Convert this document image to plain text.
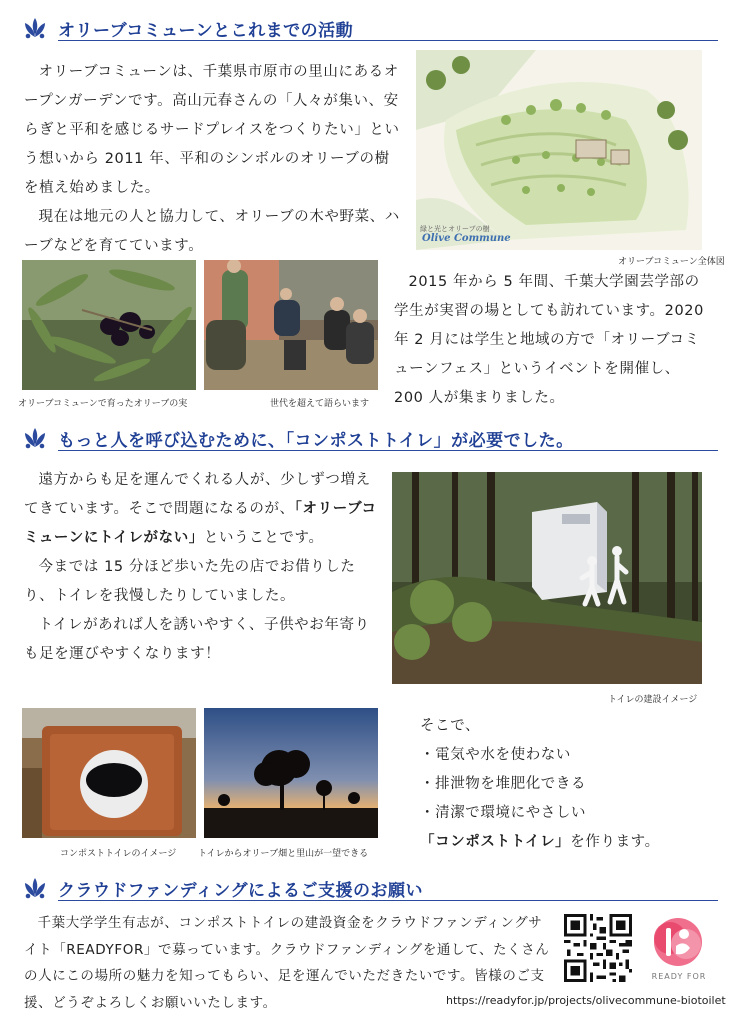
オリーブコミューンとこれまでの活動
オリーブコミューンは、千葉県市原市の里山にあるオープンガーデンです。高山元春さんの「人々が集い、安らぎと平和を感じるサードプレイスをつくりたい」という想いから 2011 年、平和のシンボルのオリーブの樹を植え始めました。
現在は地元の人と協力して、オリーブの木や野菜、ハーブなどを育てています。
緑と光とオリーブの樹
Olive Commune
オリーブコミューン全体図
オリーブコミューンで育ったオリーブの実	世代を超えて語らいます
2015 年から 5 年間、千葉大学園芸学部の学生が実習の場としても訪れています。2020 年 2 月には学生と地域の方で「オリーブコミューンフェス」というイベントを開催し、200 人が集まりました。
もっと人を呼び込むために、「コンポストトイレ」が必要でした。
遠方からも足を運んでくれる人が、少しずつ増えてきています。そこで問題になるのが、「オリーブコミューンにトイレがない」ということです。
今までは 15 分ほど歩いた先の店でお借りしたり、トイレを我慢したりしていました。
トイレがあれば人を誘いやすく、子供やお年寄りも足を運びやすくなります！
トイレの建設イメージ
コンポストトイレのイメージ トイレからオリーブ畑と里山が一望できる
そこで、
・電気や水を使わない
・排泄物を堆肥化できる
・清潔で環境にやさしい
「コンポストトイレ」を作ります。
クラウドファンディングによるご支援のお願い
千葉大学学生有志が、コンポストトイレの建設資金をクラウドファンディングサイト「READYFOR」で募っています。クラウドファンディングを通して、たくさんの人にこの場所の魅力を知ってもらい、足を運んでいただきたいです。皆様のご支援、どうぞよろしくお願いいたします。
READY FOR
https://readyfor.jp/projects/olivecommune-biotoilet
